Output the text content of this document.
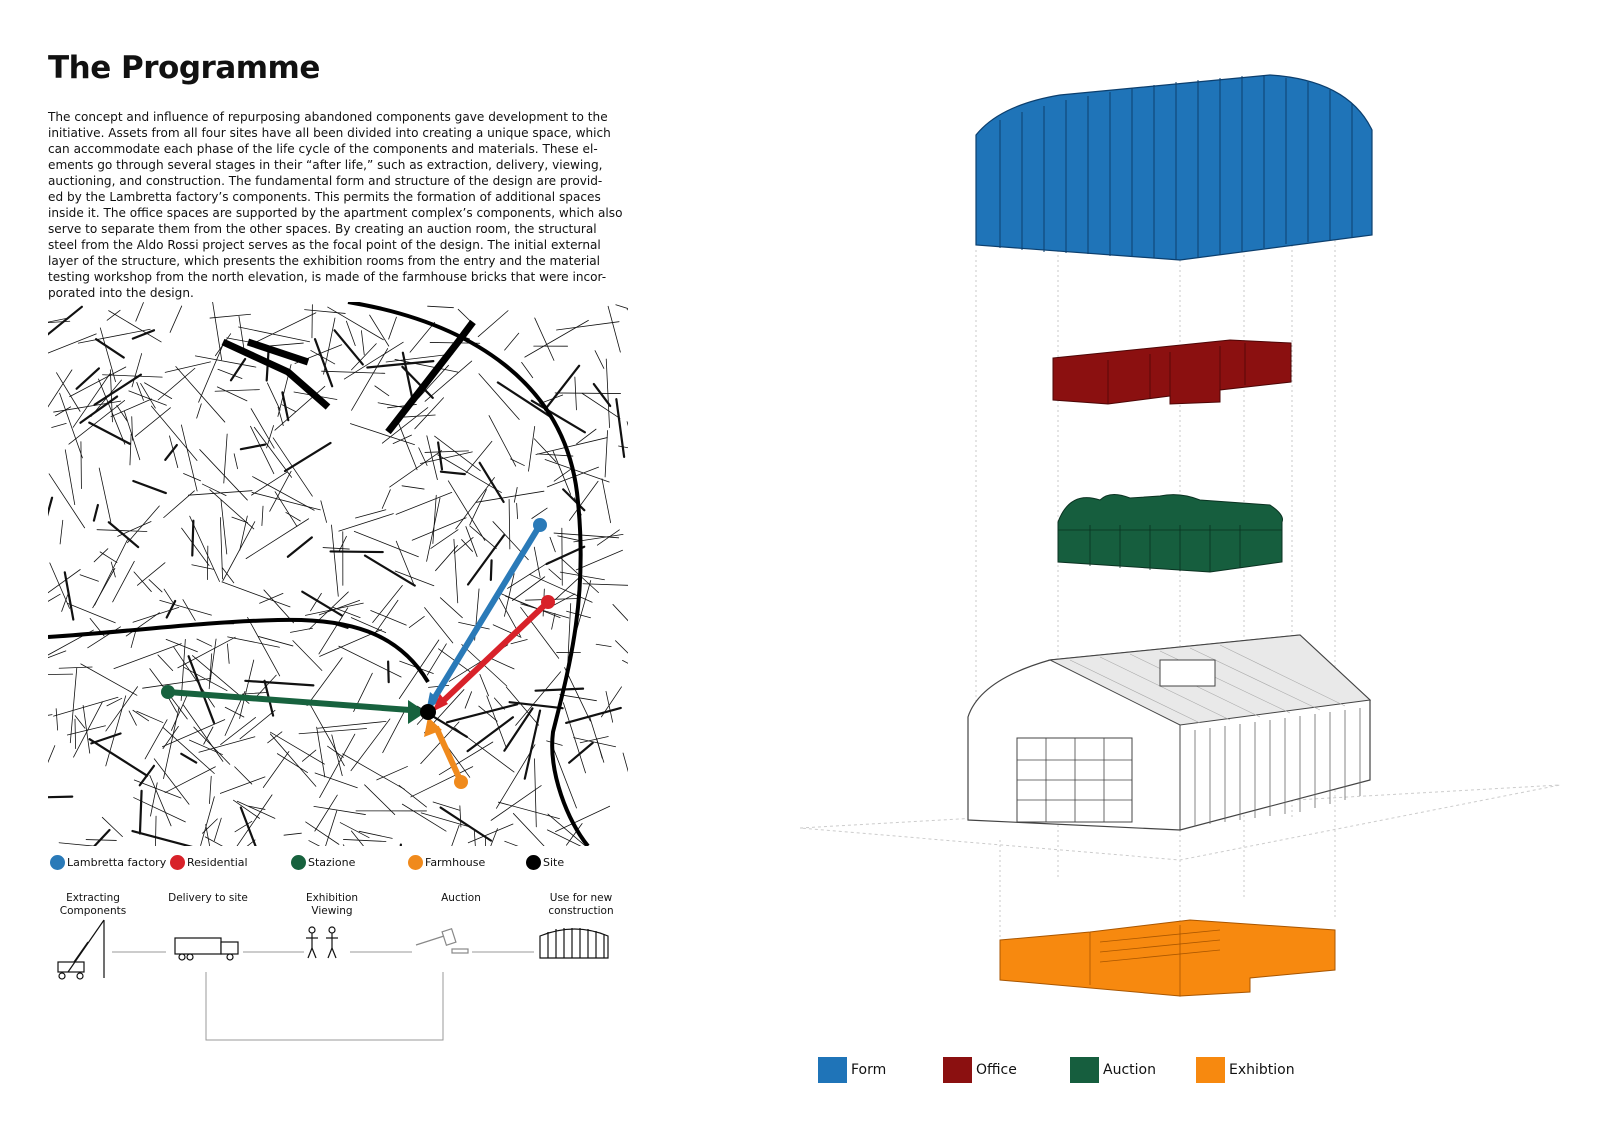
The Programme
The concept and influence of repurposing abandoned components gave development to the
initiative. Assets from all four sites have all been divided into creating a unique space, which
can accommodate each phase of the life cycle of the components and materials. These el-
ements go through several stages in their “after life,” such as extraction, delivery, viewing,
auctioning, and construction. The fundamental form and structure of the design are provid-
ed by the Lambretta factory’s components. This permits the formation of additional spaces
inside it. The office spaces are supported by the apartment complex’s components, which also
serve to separate them from the other spaces. By creating an auction room, the structural
steel from the Aldo Rossi project serves as the focal point of the design. The initial external
layer of the structure, which presents the exhibition rooms from the entry and the material
testing workshop from the north elevation, is made of the farmhouse bricks that were incor-
porated into the design.
Lambretta factory Residential	Stazione	Farmhouse	Site
Extracting
Components
Delivery to site	Exhibition
Viewing
Auction	Use for new
construction
Form	Office	Auction	Exhibtion
